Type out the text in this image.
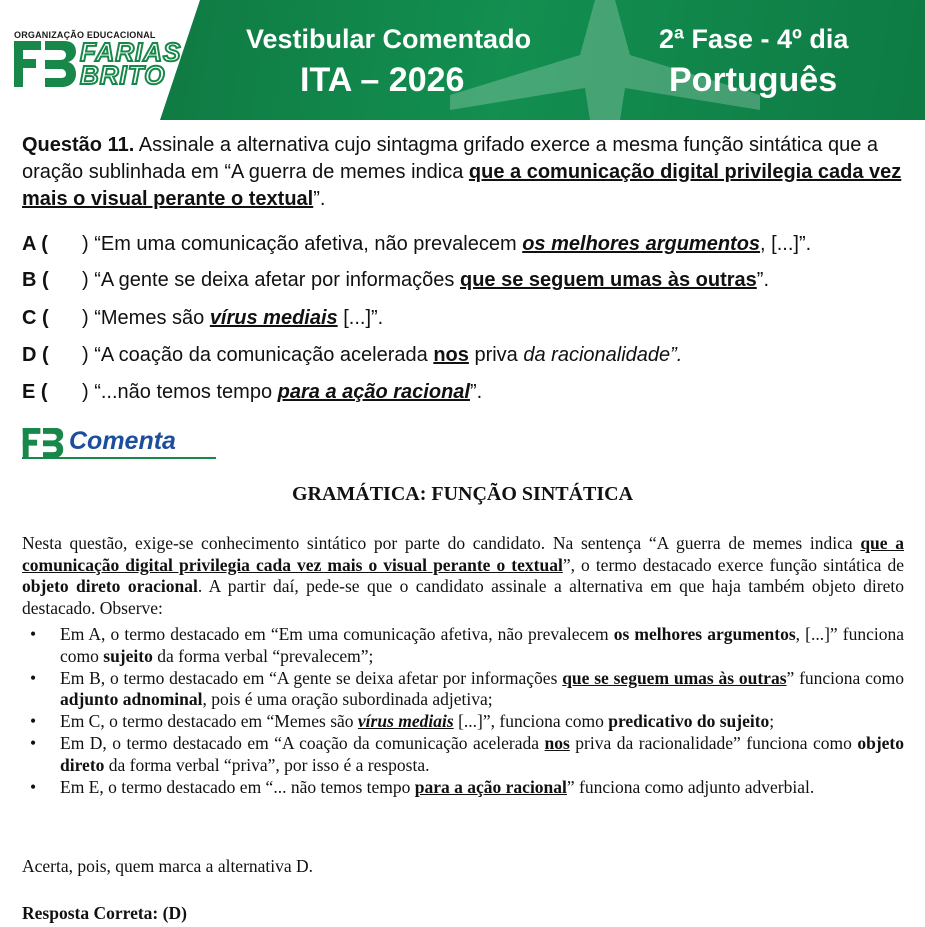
ORGANIZAÇÃO EDUCACIONAL
FARIAS
BRITO
Vestibular Comentado
ITA – 2026
2ª Fase - 4º dia
Português
Questão 11. Assinale a alternativa cujo sintagma grifado exerce a mesma função sintática que a oração sublinhada em “A guerra de memes indica que a comunicação digital privilegia cada vez mais o visual perante o textual”.
A ( ) “Em uma comunicação afetiva, não prevalecem os melhores argumentos, [...]”.
B ( ) “A gente se deixa afetar por informações que se seguem umas às outras”.
C ( ) “Memes são vírus mediais [...]”.
D ( ) “A coação da comunicação acelerada nos priva da racionalidade”.
E ( ) “...não temos tempo para a ação racional”.
Comenta
GRAMÁTICA: FUNÇÃO SINTÁTICA
Nesta questão, exige-se conhecimento sintático por parte do candidato. Na sentença “A guerra de memes indica que a comunicação digital privilegia cada vez mais o visual perante o textual”, o termo destacado exerce função sintática de objeto direto oracional. A partir daí, pede-se que o candidato assinale a alternativa em que haja também objeto direto destacado. Observe:
• Em A, o termo destacado em “Em uma comunicação afetiva, não prevalecem os melhores argumentos, [...]” funciona como sujeito da forma verbal “prevalecem”;
• Em B, o termo destacado em “A gente se deixa afetar por informações que se seguem umas às outras” funciona como adjunto adnominal, pois é uma oração subordinada adjetiva;
• Em C, o termo destacado em “Memes são vírus mediais [...]”, funciona como predicativo do sujeito;
• Em D, o termo destacado em “A coação da comunicação acelerada nos priva da racionalidade” funciona como objeto direto da forma verbal “priva”, por isso é a resposta.
• Em E, o termo destacado em “... não temos tempo para a ação racional” funciona como adjunto adverbial.
Acerta, pois, quem marca a alternativa D.
Resposta Correta: (D)
